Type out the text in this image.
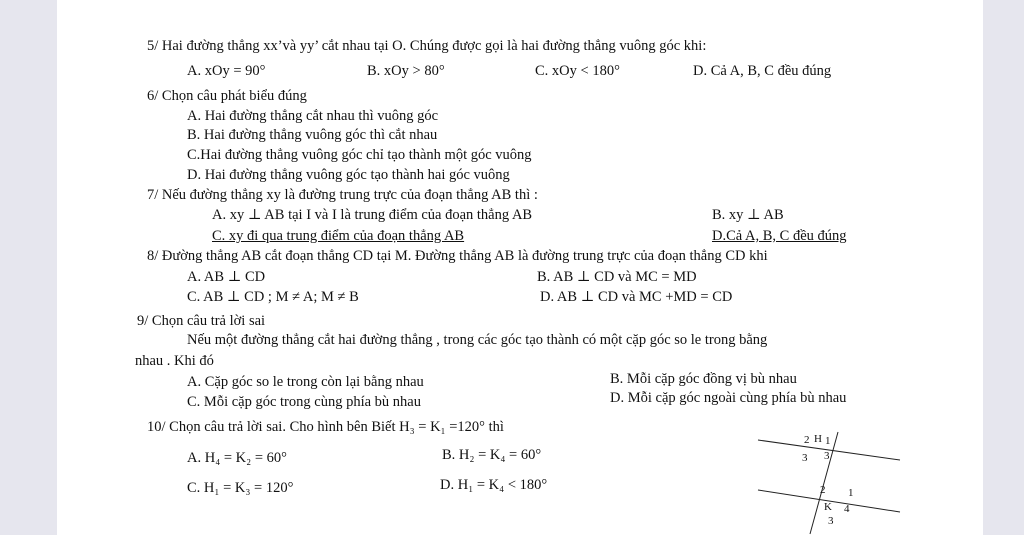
5/ Hai đường thẳng xx’và yy’ cắt nhau tại O. Chúng được gọi là hai đường thẳng vuông góc khi:
A. xOy = 90°	B. xOy > 80°	C. xOy < 180°	D. Cả A, B, C đều đúng
6/ Chọn câu phát biểu đúng
A. Hai đường thẳng cắt nhau thì vuông góc
B. Hai đường thẳng vuông góc thì cắt nhau
C.Hai đường thẳng vuông góc chỉ tạo thành một góc vuông
D. Hai đường thẳng vuông góc tạo thành hai góc vuông
7/ Nếu đường thẳng xy là đường trung trực của đoạn thẳng AB thì :
A. xy ⊥ AB tại I và I là trung điểm của đoạn thẳng AB	B. xy ⊥ AB
C. xy đi qua trung điểm của đoạn thẳng AB	D.Cả A, B, C đều đúng
8/ Đường thẳng AB cắt đoạn thẳng CD tại M. Đường thẳng AB là đường trung trực của đoạn thẳng CD khi
A. AB ⊥ CD	B. AB ⊥ CD và MC = MD
C. AB ⊥ CD ; M ≠ A; M ≠ B	D. AB ⊥ CD và MC +MD = CD
9/ Chọn câu trả lời sai
Nếu một đường thẳng cắt hai đường thẳng , trong các góc tạo thành có một cặp góc so le trong bằng
nhau . Khi đó
A. Cặp góc so le trong còn lại bằng nhau	B. Mỗi cặp góc đồng vị bù nhau
C. Mỗi cặp góc trong cùng phía bù nhau	D. Mỗi cặp góc ngoài cùng phía bù nhau
10/ Chọn câu trả lời sai. Cho hình bên Biết H₃ = K₁ =120° thì
A. H₄ = K₂ = 60°	B. H₂ = K₄ = 60°
C. H₁ = K₃ = 120°	D. H₁ = K₄ < 180°
2 H 1
3 3
2 1
K 4
3
